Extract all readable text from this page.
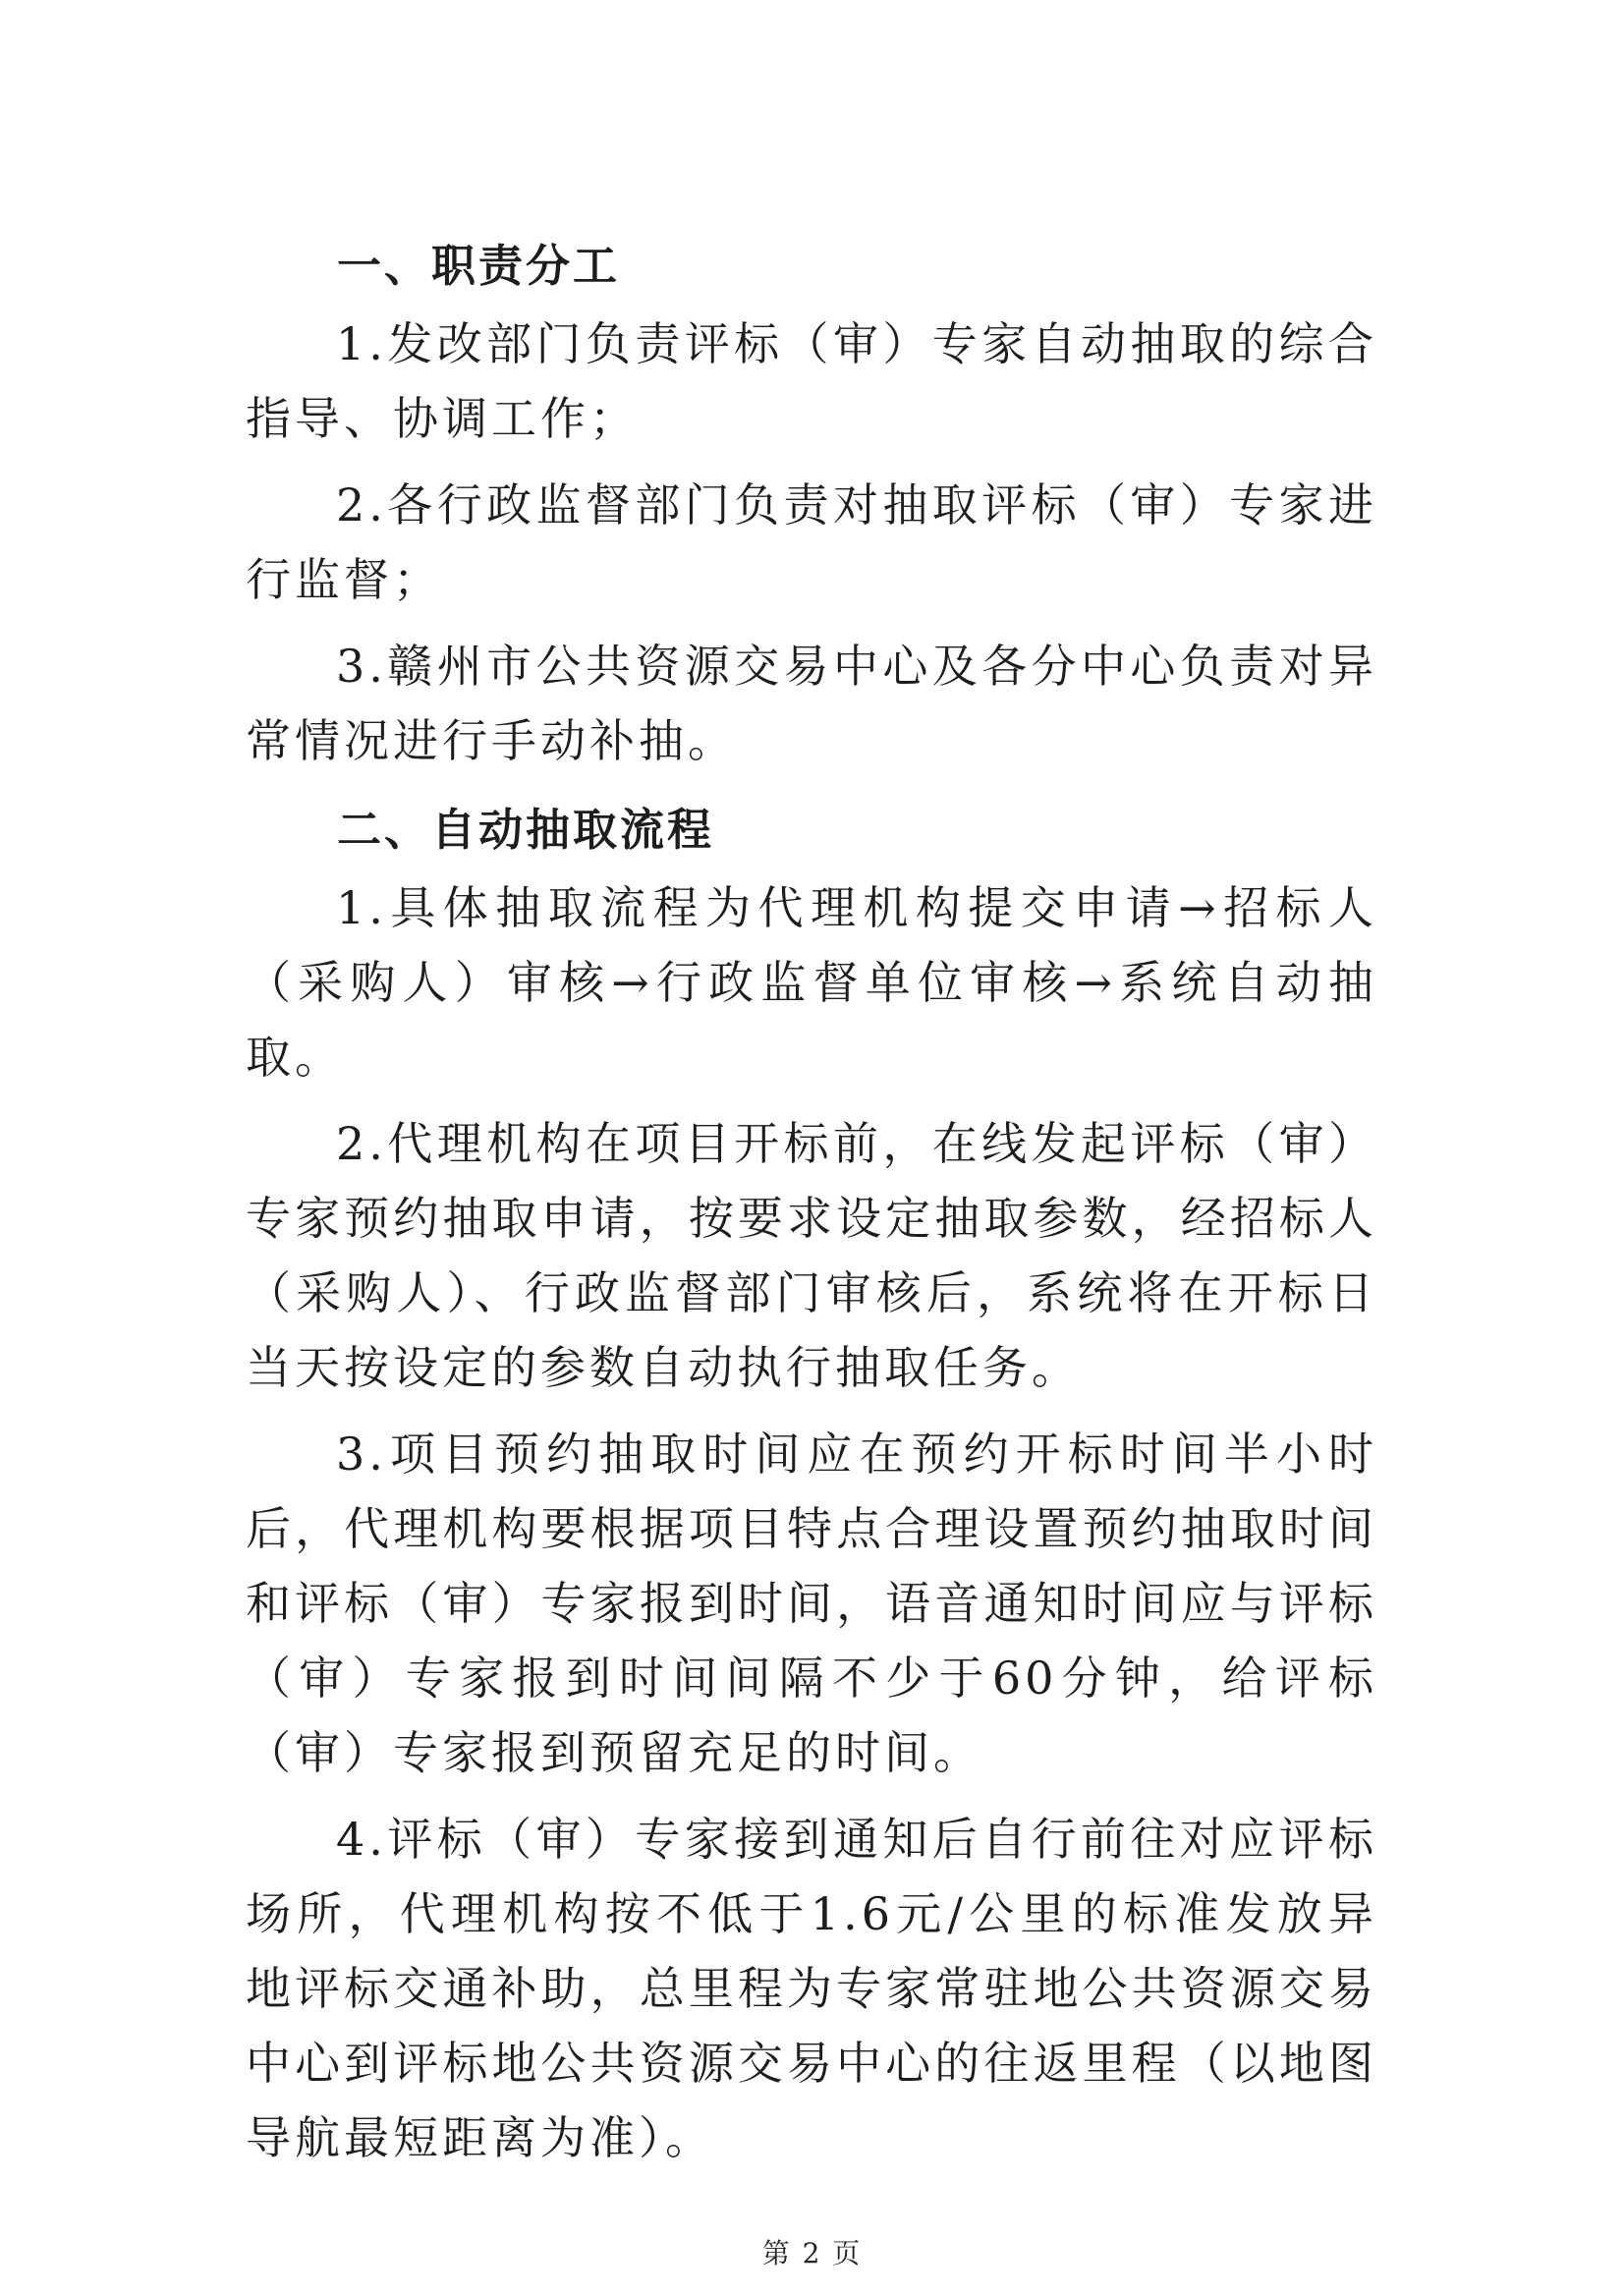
一、职责分工

1.发改部门负责评标（审）专家自动抽取的综合指导、协调工作；

2.各行政监督部门负责对抽取评标（审）专家进行监督；

3.赣州市公共资源交易中心及各分中心负责对异常情况进行手动补抽。

二、自动抽取流程

1.具体抽取流程为代理机构提交申请→招标人（采购人）审核→行政监督单位审核→系统自动抽取。

2.代理机构在项目开标前，在线发起评标（审）专家预约抽取申请，按要求设定抽取参数，经招标人（采购人）、行政监督部门审核后，系统将在开标日当天按设定的参数自动执行抽取任务。

3.项目预约抽取时间应在预约开标时间半小时后，代理机构要根据项目特点合理设置预约抽取时间和评标（审）专家报到时间，语音通知时间应与评标（审）专家报到时间间隔不少于60分钟，给评标（审）专家报到预留充足的时间。

4.评标（审）专家接到通知后自行前往对应评标场所，代理机构按不低于1.6元/公里的标准发放异地评标交通补助，总里程为专家常驻地公共资源交易中心到评标地公共资源交易中心的往返里程（以地图导航最短距离为准）。

第 2 页
